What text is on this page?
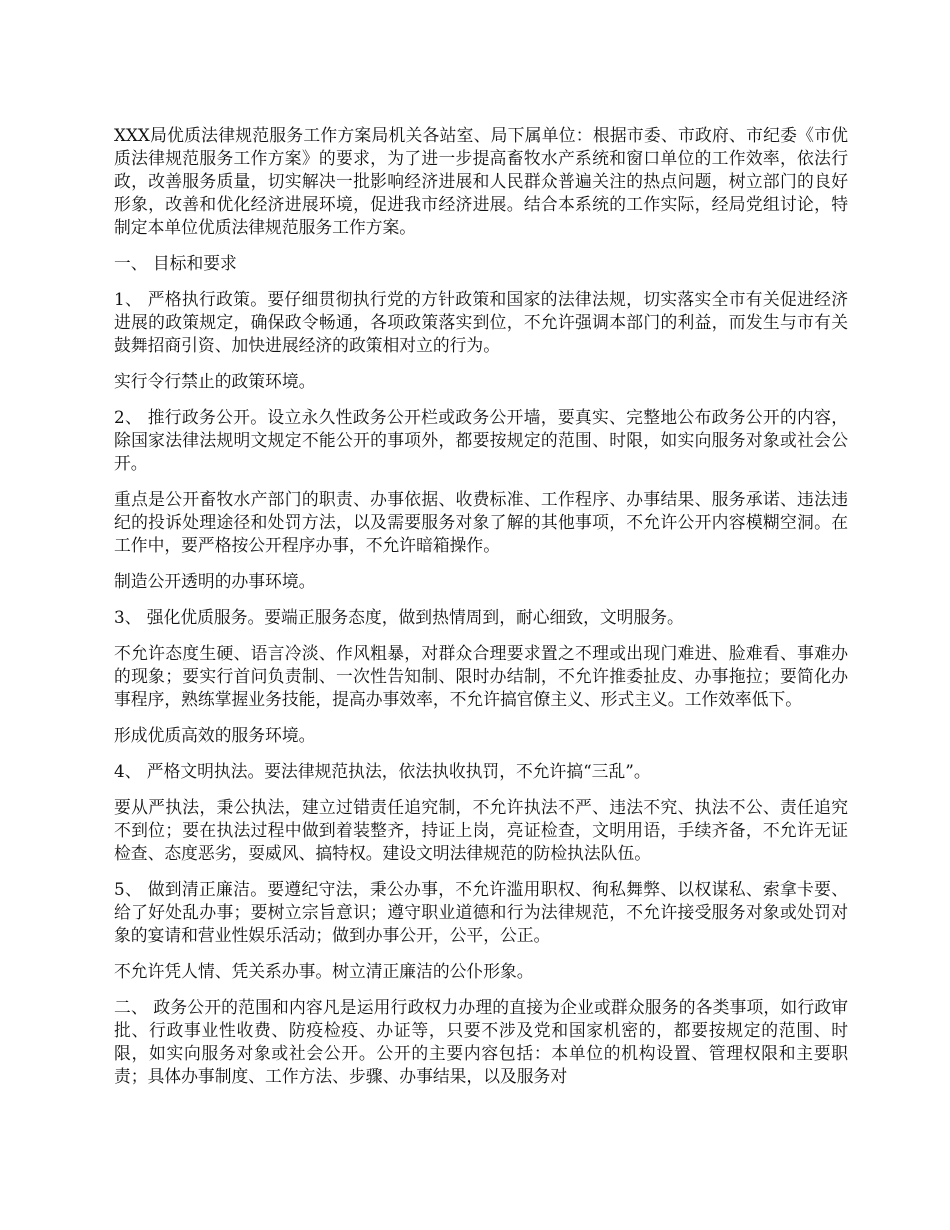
XXX局优质法律规范服务工作方案局机关各站室、局下属单位：根据市委、市政府、市纪委《市优质法律规范服务工作方案》的要求，为了进一步提高畜牧水产系统和窗口单位的工作效率，依法行政，改善服务质量，切实解决一批影响经济进展和人民群众普遍关注的热点问题，树立部门的良好形象，改善和优化经济进展环境，促进我市经济进展。结合本系统的工作实际，经局党组讨论，特制定本单位优质法律规范服务工作方案。

一、 目标和要求

1、 严格执行政策。要仔细贯彻执行党的方针政策和国家的法律法规，切实落实全市有关促进经济进展的政策规定，确保政令畅通，各项政策落实到位，不允许强调本部门的利益，而发生与市有关鼓舞招商引资、加快进展经济的政策相对立的行为。

实行令行禁止的政策环境。

2、 推行政务公开。设立永久性政务公开栏或政务公开墙，要真实、完整地公布政务公开的内容，除国家法律法规明文规定不能公开的事项外，都要按规定的范围、时限，如实向服务对象或社会公开。

重点是公开畜牧水产部门的职责、办事依据、收费标准、工作程序、办事结果、服务承诺、违法违纪的投诉处理途径和处罚方法，以及需要服务对象了解的其他事项，不允许公开内容模糊空洞。在工作中，要严格按公开程序办事，不允许暗箱操作。

制造公开透明的办事环境。

3、 强化优质服务。要端正服务态度，做到热情周到，耐心细致，文明服务。

不允许态度生硬、语言冷淡、作风粗暴，对群众合理要求置之不理或出现门难进、脸难看、事难办的现象；要实行首问负责制、一次性告知制、限时办结制，不允许推委扯皮、办事拖拉；要简化办事程序，熟练掌握业务技能，提高办事效率，不允许搞官僚主义、形式主义。工作效率低下。

形成优质高效的服务环境。

4、 严格文明执法。要法律规范执法，依法执收执罚，不允许搞“三乱”。

要从严执法，秉公执法，建立过错责任追究制，不允许执法不严、违法不究、执法不公、责任追究不到位；要在执法过程中做到着装整齐，持证上岗，亮证检查，文明用语，手续齐备，不允许无证检查、态度恶劣，耍威风、搞特权。建设文明法律规范的防检执法队伍。

5、 做到清正廉洁。要遵纪守法，秉公办事，不允许滥用职权、徇私舞弊、以权谋私、索拿卡要、给了好处乱办事；要树立宗旨意识；遵守职业道德和行为法律规范，不允许接受服务对象或处罚对象的宴请和营业性娱乐活动；做到办事公开，公平，公正。

不允许凭人情、凭关系办事。树立清正廉洁的公仆形象。

二、 政务公开的范围和内容凡是运用行政权力办理的直接为企业或群众服务的各类事项，如行政审批、行政事业性收费、防疫检疫、办证等，只要不涉及党和国家机密的，都要按规定的范围、时限，如实向服务对象或社会公开。公开的主要内容包括：本单位的机构设置、管理权限和主要职责；具体办事制度、工作方法、步骤、办事结果，以及服务对
